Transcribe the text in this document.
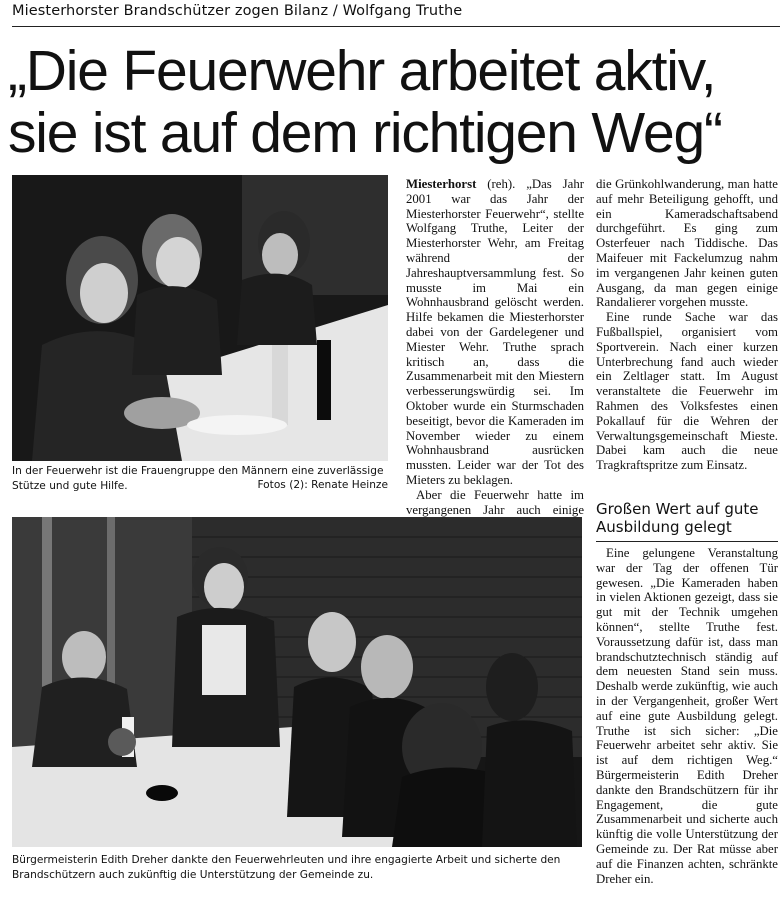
Miesterhorster Brandschützer zogen Bilanz / Wolfgang Truthe
„Die Feuerwehr arbeitet aktiv,
sie ist auf dem richtigen Weg“
In der Feuerwehr ist die Frauengruppe den Männern eine zuverlässige Stütze und gute Hilfe.	Fotos (2): Renate Heinze

Miesterhorst (reh). „Das Jahr 2001 war das Jahr der Miesterhorster Feuerwehr“, stellte Wolfgang Truthe, Leiter der Miesterhorster Wehr, am Freitag während der Jahreshauptversammlung fest. So musste im Mai ein Wohnhausbrand gelöscht werden. Hilfe bekamen die Miesterhorster dabei von der Gardelegener und Miester Wehr. Truthe sprach kritisch an, dass die Zusammenarbeit mit den Miestern verbesserungswürdig sei. Im Oktober wurde ein Sturmschaden beseitigt, bevor die Kameraden im November wieder zu einem Wohnhausbrand ausrücken mussten. Leider war der Tot des Mieters zu beklagen.

Aber die Feuerwehr hatte im vergangenen Jahr auch einige

die Grünkohlwanderung, man hatte auf mehr Beteiligung gehofft, und ein Kameradschaftsabend durchgeführt. Es ging zum Osterfeuer nach Tiddische. Das Maifeuer mit Fackelumzug nahm im vergangenen Jahr keinen guten Ausgang, da man gegen einige Randalierer vorgehen musste.

Eine runde Sache war das Fußballspiel, organisiert vom Sportverein. Nach einer kurzen Unterbrechung fand auch wieder ein Zeltlager statt. Im August veranstaltete die Feuerwehr im Rahmen des Volksfestes einen Pokallauf für die Wehren der Verwaltungsgemeinschaft Mieste. Dabei kam auch die neue Tragkraftspritze zum Einsatz.

Großen Wert auf gute Ausbildung gelegt

Eine gelungene Veranstaltung war der Tag der offenen Tür gewesen. „Die Kameraden haben in vielen Aktionen gezeigt, dass sie gut mit der Technik umgehen können“, stellte Truthe fest. Voraussetzung dafür ist, dass man brandschutztechnisch ständig auf dem neuesten Stand sein muss. Deshalb werde zukünftig, wie auch in der Vergangenheit, großer Wert auf eine gute Ausbildung gelegt. Truthe ist sich sicher: „Die Feuerwehr arbeitet sehr aktiv. Sie ist auf dem richtigen Weg.“ Bürgermeisterin Edith Dreher dankte den Brandschützern für ihr Engagement, die gute Zusammenarbeit und sicherte auch künftig die volle Unterstützung der Gemeinde zu. Der Rat müsse aber auf die Finanzen achten, schränkte Dreher ein.

Bürgermeisterin Edith Dreher dankte den Feuerwehrleuten und ihre engagierte Arbeit und sicherte den Brandschützern auch zukünftig die Unterstützung der Gemeinde zu.
